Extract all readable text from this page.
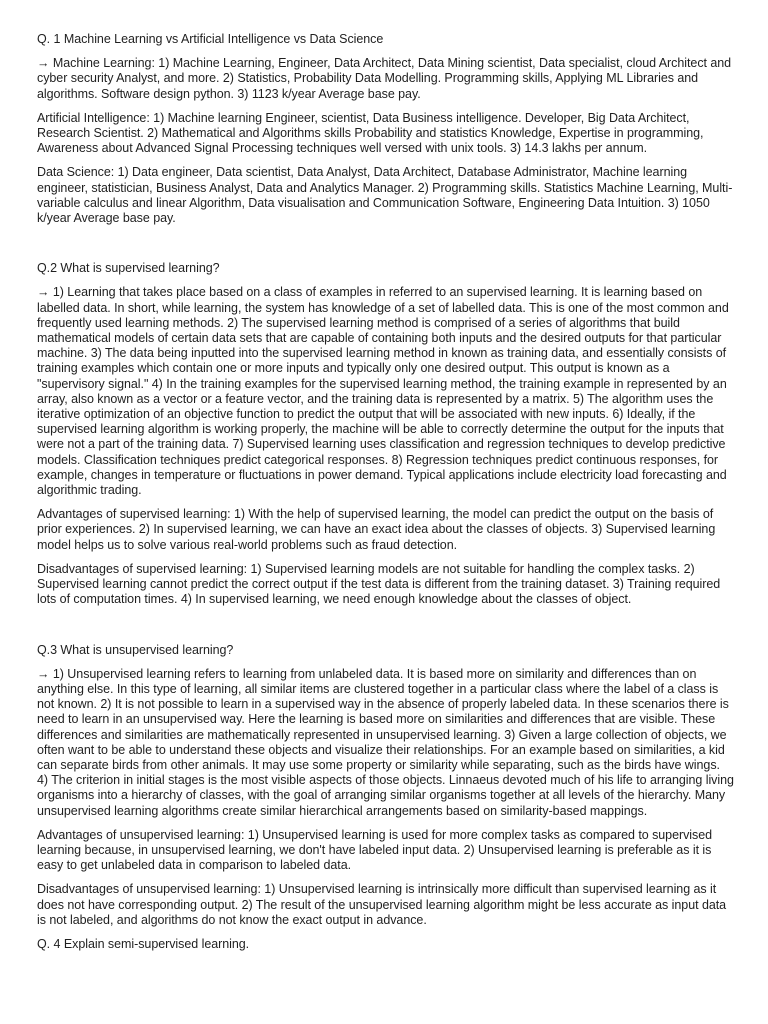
Q. 1 Machine Learning vs Artificial Intelligence vs Data Science
→ Machine Learning: 1) Machine Learning, Engineer, Data Architect, Data Mining scientist, Data specialist, cloud Architect and cyber security Analyst, and more. 2) Statistics, Probability Data Modelling. Programming skills, Applying ML Libraries and algorithms. Software design python. 3) 1123 k/year Average base pay.
Artificial Intelligence: 1) Machine learning Engineer, scientist, Data Business intelligence. Developer, Big Data Architect, Research Scientist. 2) Mathematical and Algorithms skills Probability and statistics Knowledge, Expertise in programming, Awareness about Advanced Signal Processing techniques well versed with unix tools. 3) 14.3 lakhs per annum.
Data Science: 1) Data engineer, Data scientist, Data Analyst, Data Architect, Database Administrator, Machine learning engineer, statistician, Business Analyst, Data and Analytics Manager. 2) Programming skills. Statistics Machine Learning, Multi-variable calculus and linear Algorithm, Data visualisation and Communication Software, Engineering Data Intuition. 3) 1050 k/year Average base pay.
Q.2 What is supervised learning?
→ 1) Learning that takes place based on a class of examples in referred to an supervised learning. It is learning based on labelled data. In short, while learning, the system has knowledge of a set of labelled data. This is one of the most common and frequently used learning methods. 2) The supervised learning method is comprised of a series of algorithms that build mathematical models of certain data sets that are capable of containing both inputs and the desired outputs for that particular machine. 3) The data being inputted into the supervised learning method in known as training data, and essentially consists of training examples which contain one or more inputs and typically only one desired output. This output is known as a "supervisory signal." 4) In the training examples for the supervised learning method, the training example in represented by an array, also known as a vector or a feature vector, and the training data is represented by a matrix. 5) The algorithm uses the iterative optimization of an objective function to predict the output that will be associated with new inputs. 6) Ideally, if the supervised learning algorithm is working properly, the machine will be able to correctly determine the output for the inputs that were not a part of the training data. 7) Supervised learning uses classification and regression techniques to develop predictive models. Classification techniques predict categorical responses. 8) Regression techniques predict continuous responses, for example, changes in temperature or fluctuations in power demand. Typical applications include electricity load forecasting and algorithmic trading.
Advantages of supervised learning: 1) With the help of supervised learning, the model can predict the output on the basis of prior experiences. 2) In supervised learning, we can have an exact idea about the classes of objects. 3) Supervised learning model helps us to solve various real-world problems such as fraud detection.
Disadvantages of supervised learning: 1) Supervised learning models are not suitable for handling the complex tasks. 2) Supervised learning cannot predict the correct output if the test data is different from the training dataset. 3) Training required lots of computation times. 4) In supervised learning, we need enough knowledge about the classes of object.
Q.3 What is unsupervised learning?
→ 1) Unsupervised learning refers to learning from unlabeled data. It is based more on similarity and differences than on anything else. In this type of learning, all similar items are clustered together in a particular class where the label of a class is not known. 2) It is not possible to learn in a supervised way in the absence of properly labeled data. In these scenarios there is need to learn in an unsupervised way. Here the learning is based more on similarities and differences that are visible. These differences and similarities are mathematically represented in unsupervised learning. 3) Given a large collection of objects, we often want to be able to understand these objects and visualize their relationships. For an example based on similarities, a kid can separate birds from other animals. It may use some property or similarity while separating, such as the birds have wings. 4) The criterion in initial stages is the most visible aspects of those objects. Linnaeus devoted much of his life to arranging living organisms into a hierarchy of classes, with the goal of arranging similar organisms together at all levels of the hierarchy. Many unsupervised learning algorithms create similar hierarchical arrangements based on similarity-based mappings.
Advantages of unsupervised learning: 1) Unsupervised learning is used for more complex tasks as compared to supervised learning because, in unsupervised learning, we don't have labeled input data. 2) Unsupervised learning is preferable as it is easy to get unlabeled data in comparison to labeled data.
Disadvantages of unsupervised learning: 1) Unsupervised learning is intrinsically more difficult than supervised learning as it does not have corresponding output. 2) The result of the unsupervised learning algorithm might be less accurate as input data is not labeled, and algorithms do not know the exact output in advance.
Q. 4 Explain semi-supervised learning.
